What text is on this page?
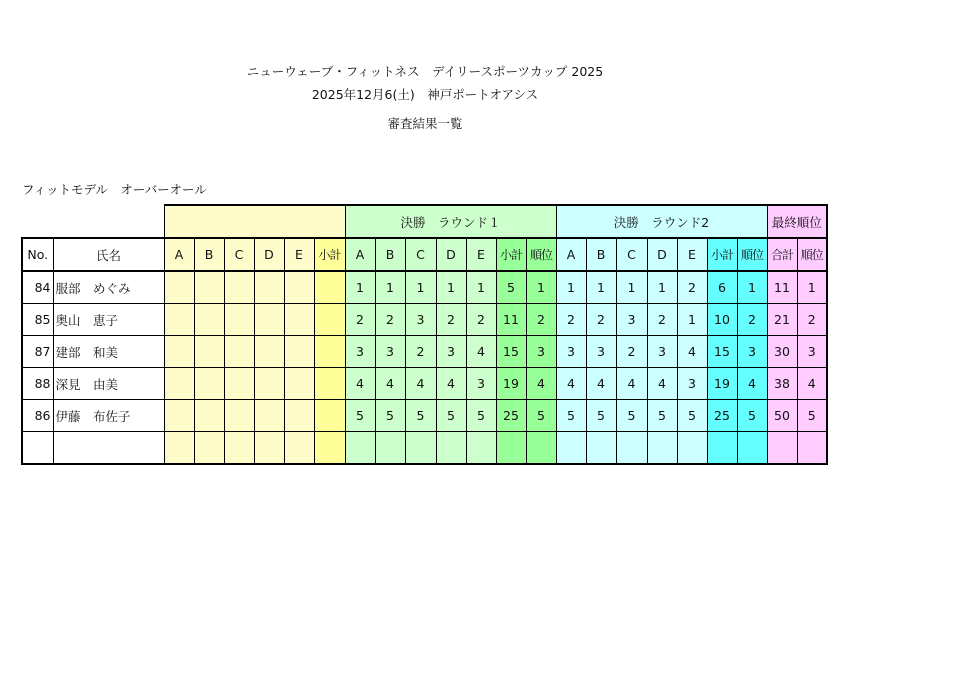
ニューウェーブ・フィットネス　デイリースポーツカップ 2025
2025年12月6(土)　神戸ポートオアシス
審査結果一覧
フィットモデル　オーバーオール
								決勝　ラウンド１							決勝　ラウンド2							最終順位	
No.	氏名	A	B	C	D	E	小計	A	B	C	D	E	小計	順位	A	B	C	D	E	小計	順位	合計	順位
84	服部　めぐみ							1	1	1	1	1	5	1	1	1	1	1	2	6	1	11	1
85	奥山　恵子							2	2	3	2	2	11	2	2	2	3	2	1	10	2	21	2
87	建部　和美							3	3	2	3	4	15	3	3	3	2	3	4	15	3	30	3
88	深見　由美							4	4	4	4	3	19	4	4	4	4	4	3	19	4	38	4
86	伊藤　布佐子							5	5	5	5	5	25	5	5	5	5	5	5	25	5	50	5
